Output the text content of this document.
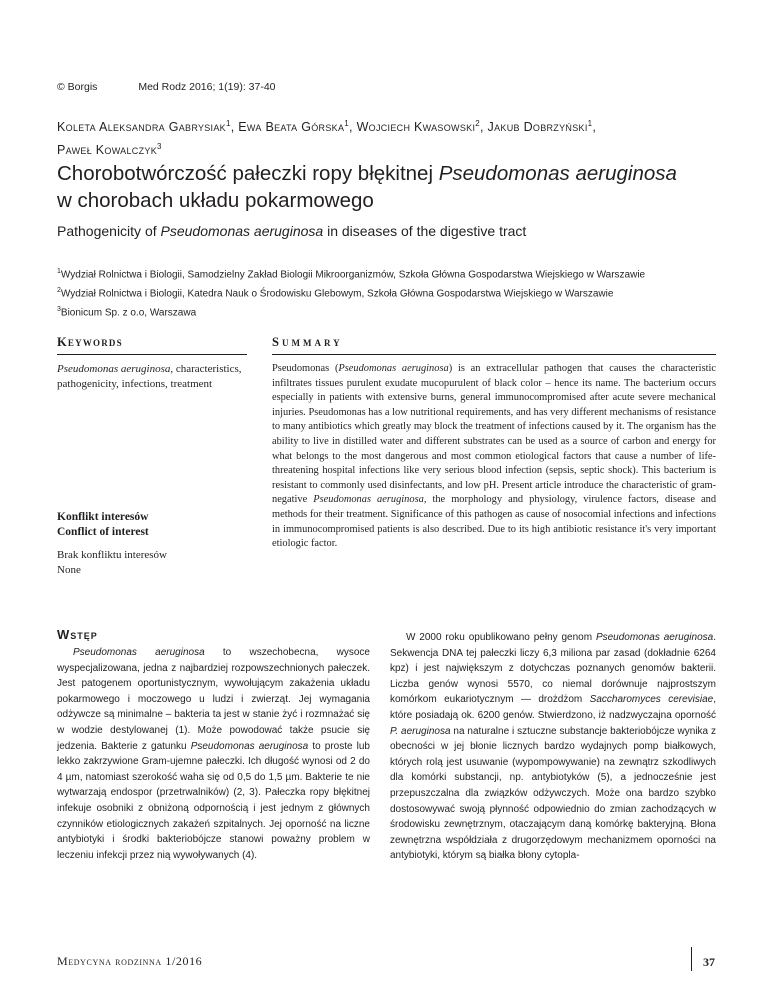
© Borgis	Med Rodz 2016; 1(19): 37-40
Koleta Aleksandra Gabrysiak$^1$, Ewa Beata Górska$^1$, Wojciech Kwasowski$^2$, Jakub Dobrzyński$^1$,
Paweł Kowalczyk$^3$
Chorobotwórczość pałeczki ropy błękitnej Pseudomonas aeruginosa
w chorobach układu pokarmowego
Pathogenicity of Pseudomonas aeruginosa in diseases of the digestive tract
$^1$Wydział Rolnictwa i Biologii, Samodzielny Zakład Biologii Mikroorganizmów, Szkoła Główna Gospodarstwa Wiejskiego w Warszawie
$^2$Wydział Rolnictwa i Biologii, Katedra Nauk o Środowisku Glebowym, Szkoła Główna Gospodarstwa Wiejskiego w Warszawie
$^3$Bionicum Sp. z o.o, Warszawa
Keywords
Pseudomonas aeruginosa, characteristics, pathogenicity, infections, treatment
Konflikt interesów
Conflict of interest
Brak konfliktu interesów
None
Summary
Pseudomonas (Pseudomonas aeruginosa) is an extracellular pathogen that causes the characteristic infiltrates tissues purulent exudate mucopurulent of black color – hence its name. The bacterium occurs especially in patients with extensive burns, general immunocompromised after acute severe mechanical injuries. Pseudomonas has a low nutritional requirements, and has very different mechanisms of resistance to many antibiotics which greatly may block the treatment of infections caused by it. The organism has the ability to live in distilled water and different substrates can be used as a source of carbon and energy for what belongs to the most dangerous and most common etiological factors that cause a number of life-threatening hospital infections like very serious blood infection (sepsis, septic shock). This bacterium is resistant to commonly used disinfectants, and low pH. Present article introduce the characteristic of gram-negative Pseudomonas aeruginosa, the morphology and physiology, virulence factors, disease and methods for their treatment. Significance of this pathogen as cause of nosocomial infections and infections in immunocompromised patients is also described. Due to its high antibiotic resistance it's very important etiologic factor.
Wstęp

Pseudomonas aeruginosa to wszechobecna, wysoce wyspecjalizowana, jedna z najbardziej rozpowszechnionych pałeczek. Jest patogenem oportunistycznym, wywołującym zakażenia układu pokarmowego i moczowego u ludzi i zwierząt. Jej wymagania odżywcze są minimalne – bakteria ta jest w stanie żyć i rozmnażać się w wodzie destylowanej (1). Może powodować także psucie się jedzenia. Bakterie z gatunku Pseudomonas aeruginosa to proste lub lekko zakrzywione Gram-ujemne pałeczki. Ich długość wynosi od 2 do 4 µm, natomiast szerokość waha się od 0,5 do 1,5 µm. Bakterie te nie wytwarzają endospor (przetrwalników) (2, 3). Pałeczka ropy błękitnej infekuje osobniki z obniżoną odpornością i jest jednym z głównych czynników etiologicznych zakażeń szpitalnych. Jej oporność na liczne antybiotyki i środki bakteriobójcze stanowi poważny problem w leczeniu infekcji przez nią wywoływanych (4).

W 2000 roku opublikowano pełny genom Pseudomonas aeruginosa. Sekwencja DNA tej pałeczki liczy 6,3 miliona par zasad (dokładnie 6264 kpz) i jest największym z dotychczas poznanych genomów bakterii. Liczba genów wynosi 5570, co niemal dorównuje najprostszym komórkom eukariotycznym — drożdżom Saccharomyces cerevisiae, które posiadają ok. 6200 genów. Stwierdzono, iż nadzwyczajna oporność P. aeruginosa na naturalne i sztuczne substancje bakteriobójcze wynika z obecności w jej błonie licznych bardzo wydajnych pomp białkowych, których rolą jest usuwanie (wypompowywanie) na zewnątrz szkodliwych dla komórki substancji, np. antybiotyków (5), a jednocześnie jest przepuszczalna dla związków odżywczych. Może ona bardzo szybko dostosowywać swoją płynność odpowiednio do zmian zachodzących w środowisku zewnętrznym, otaczającym daną komórkę bakteryjną. Błona zewnętrzna współdziała z drugorzędowym mechanizmem oporności na antybiotyki, którym są białka błony cytopla-

Medycyna rodzinna 1/2016	37
